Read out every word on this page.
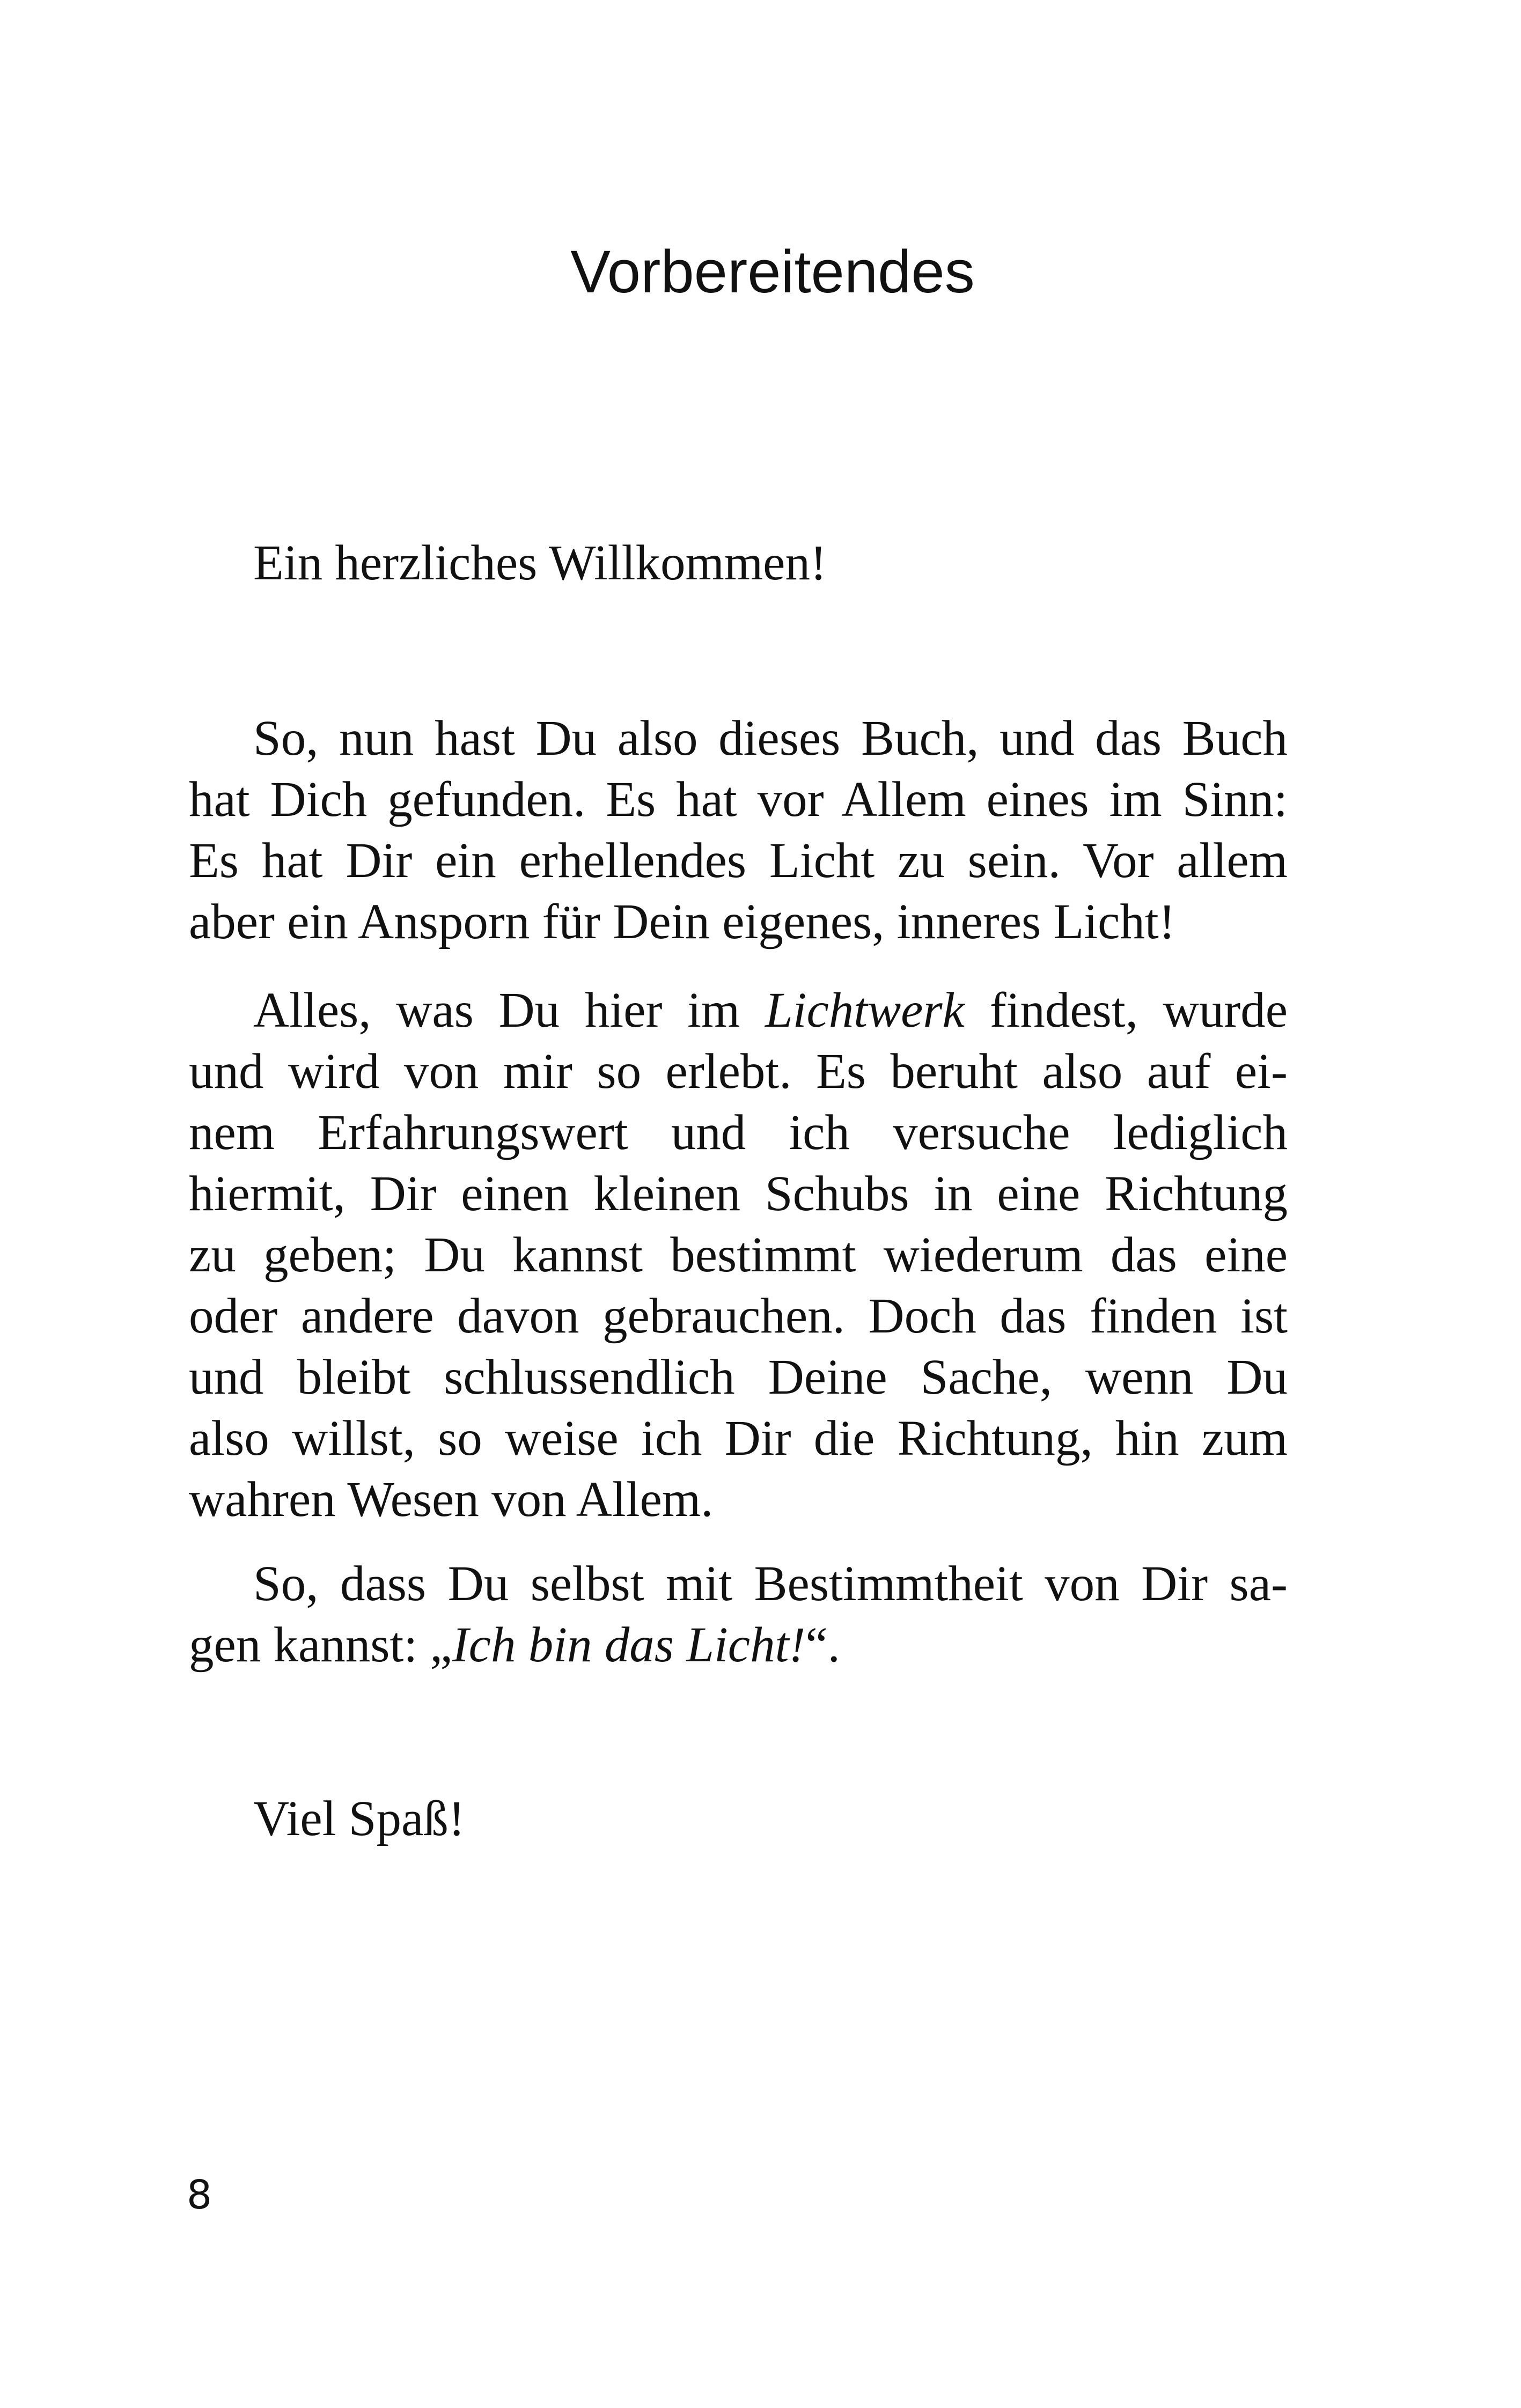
Vorbereitendes
Ein herzliches Willkommen!
So, nun hast Du also dieses Buch, und das Buch
hat Dich gefunden. Es hat vor Allem eines im Sinn:
Es hat Dir ein erhellendes Licht zu sein. Vor allem
aber ein Ansporn für Dein eigenes, inneres Licht!
Alles, was Du hier im Lichtwerk findest, wurde
und wird von mir so erlebt. Es beruht also auf ei-
nem Erfahrungswert und ich versuche lediglich
hiermit, Dir einen kleinen Schubs in eine Richtung
zu geben; Du kannst bestimmt wiederum das eine
oder andere davon gebrauchen. Doch das finden ist
und bleibt schlussendlich Deine Sache, wenn Du
also willst, so weise ich Dir die Richtung, hin zum
wahren Wesen von Allem.
So, dass Du selbst mit Bestimmtheit von Dir sa-
gen kannst: „Ich bin das Licht!“.
Viel Spaß!
8
